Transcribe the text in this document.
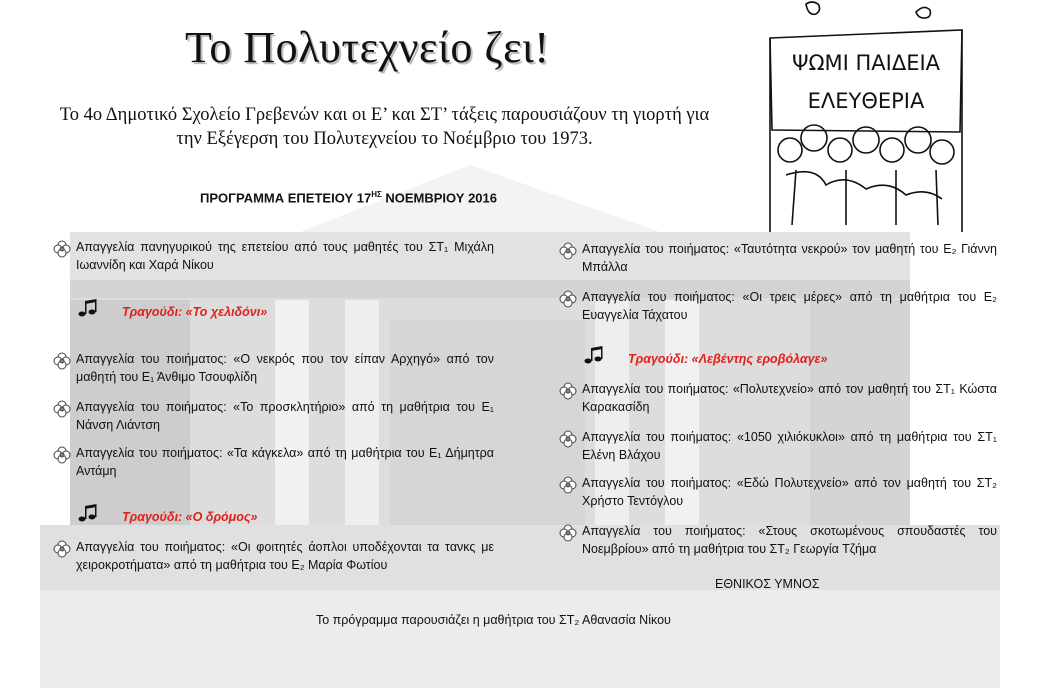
Το Πολυτεχνείο ζει!
Το 4ο Δημοτικό Σχολείο Γρεβενών και οι Ε’ και ΣΤ’ τάξεις παρουσιάζουν τη γιορτή για την Εξέγερση του Πολυτεχνείου το Νοέμβριο του 1973.
ΨΩΜΙ ΠΑΙΔΕΙΑ
ΕΛΕΥΘΕΡΙΑ
ΠΡΟΓΡΑΜΜΑ ΕΠΕΤΕΙΟΥ $17^{H\Sigma}$ ΝΟΕΜΒΡΙΟΥ 2016
Απαγγελία πανηγυρικού της επετείου από τους μαθητές του ΣΤ₁ Μιχάλη Ιωαννίδη και Χαρά Νίκου
Τραγούδι: «Το χελιδόνι»
Απαγγελία του ποιήματος: «Ο νεκρός που τον είπαν Αρχηγό» από τον μαθητή του Ε₁ Άνθιμο Τσουφλίδη
Απαγγελία του ποιήματος: «Το προσκλητήριο» από τη μαθήτρια του Ε₁ Νάνση Λιάντση
Απαγγελία του ποιήματος: «Τα κάγκελα» από τη μαθήτρια του Ε₁ Δήμητρα Αντάμη
Τραγούδι: «Ο δρόμος»
Απαγγελία του ποιήματος: «Οι φοιτητές άοπλοι υποδέχονται τα τανκς με χειροκροτήματα» από τη μαθήτρια του Ε₂ Μαρία Φωτίου
Απαγγελία του ποιήματος: «Ταυτότητα νεκρού» τον μαθητή του Ε₂ Γιάννη Μπάλλα
Απαγγελία του ποιήματος: «Οι τρεις μέρες» από τη μαθήτρια του Ε₂ Ευαγγελία Τάχατου
Τραγούδι: «Λεβέντης εροβόλαγε»
Απαγγελία του ποιήματος: «Πολυτεχνείο» από τον μαθητή του ΣΤ₁ Κώστα Καρακασίδη
Απαγγελία του ποιήματος: «1050 χιλιόκυκλοι» από τη μαθήτρια του ΣΤ₁ Ελένη Βλάχου
Απαγγελία του ποιήματος: «Εδώ Πολυτεχνείο» από τον μαθητή του ΣΤ₂ Χρήστο Τεντόγλου
Απαγγελία του ποιήματος: «Στους σκοτωμένους σπουδαστές του Νοεμβρίου» από τη μαθήτρια του ΣΤ₂ Γεωργία Τζήμα
ΕΘΝΙΚΟΣ ΥΜΝΟΣ
Το πρόγραμμα παρουσιάζει η μαθήτρια του ΣΤ₂ Αθανασία Νίκου
